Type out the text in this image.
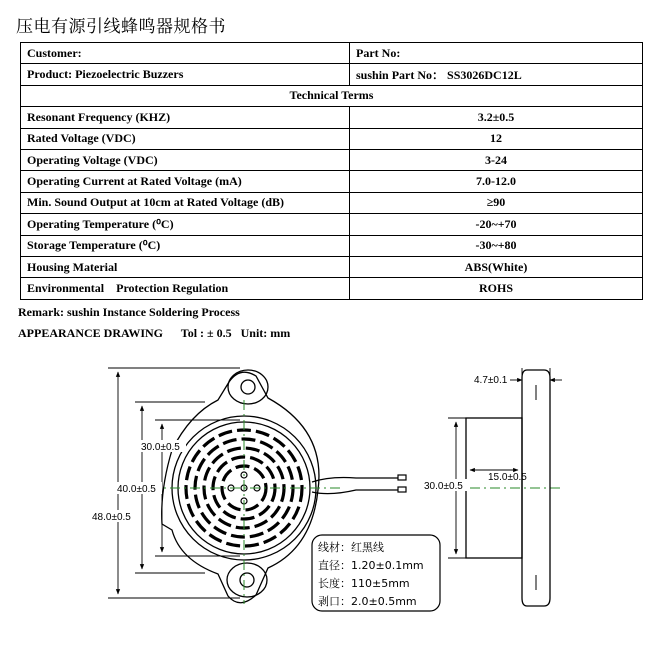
压电有源引线蜂鸣器规格书
Customer:	Part No:
Product: Piezoelectric Buzzers	sushin Part No： SS3026DC12L
Technical Terms	
Resonant Frequency (KHZ)	3.2±0.5
Rated Voltage (VDC)	12
Operating Voltage (VDC)	3-24
Operating Current at Rated Voltage (mA)	7.0-12.0
Min. Sound Output at 10cm at Rated Voltage (dB)	≥90
Operating Temperature (⁰C)	-20~+70
Storage Temperature (⁰C)	-30~+80
Housing Material	ABS(White)
Environmental    Protection Regulation	ROHS
Remark: sushin Instance Soldering Process
APPEARANCE DRAWING      Tol : ± 0.5   Unit: mm
48.0±0.5
40.0±0.5
30.0±0.5
4.7±0.1
30.0±0.5
15.0±0.5
线材：红黑线
直径：1.20±0.1mm
长度：110±5mm
剥口：2.0±0.5mm
